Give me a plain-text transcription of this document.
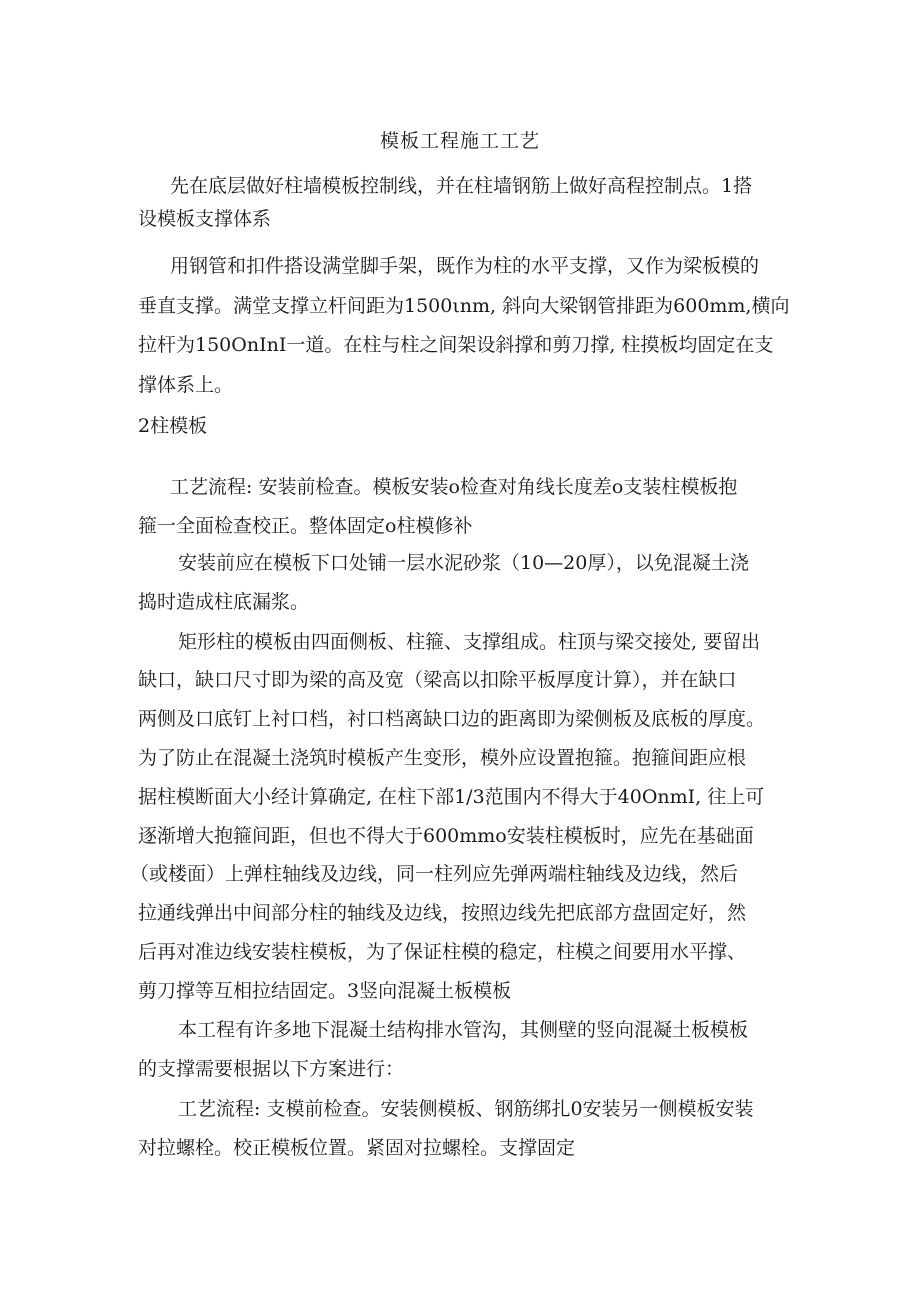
模板工程施工工艺
先在底层做好柱墙模板控制线，并在柱墙钢筋上做好高程控制点。1搭
设模板支撑体系
用钢管和扣件搭设满堂脚手架，既作为柱的水平支撑，又作为梁板模的
垂直支撑。满堂支撑立杆间距为1500ιnm, 斜向大梁钢管排距为600mm,横向
拉杆为150OnInI一道。在柱与柱之间架设斜撑和剪刀撑, 柱摸板均固定在支
撑体系上。
2柱模板
工艺流程: 安装前检查。模板安装o检查对角线长度差o支装柱模板抱
箍一全面检查校正。整体固定o柱模修补
安装前应在模板下口处铺一层水泥砂浆（10—20厚），以免混凝土浇
捣时造成柱底漏浆。
矩形柱的模板由四面侧板、柱箍、支撑组成。柱顶与梁交接处, 要留出
缺口，缺口尺寸即为梁的高及宽（梁高以扣除平板厚度计算），并在缺口
两侧及口底钉上衬口档，衬口档离缺口边的距离即为梁侧板及底板的厚度。
为了防止在混凝土浇筑时模板产生变形，模外应设置抱箍。抱箍间距应根
据柱模断面大小经计算确定, 在柱下部1/3范围内不得大于40OnmI, 往上可
逐渐增大抱箍间距，但也不得大于600mmo安装柱模板时，应先在基础面
（或楼面）上弹柱轴线及边线，同一柱列应先弹两端柱轴线及边线，然后
拉通线弹出中间部分柱的轴线及边线，按照边线先把底部方盘固定好，然
后再对准边线安装柱模板，为了保证柱模的稳定，柱模之间要用水平撑、
剪刀撑等互相拉结固定。3竖向混凝土板模板
本工程有许多地下混凝土结构排水管沟，其侧壁的竖向混凝土板模板
的支撑需要根据以下方案进行：
工艺流程: 支模前检查。安装侧模板、钢筋绑扎0安装另一侧模板安装
对拉螺栓。校正模板位置。紧固对拉螺栓。支撑固定
